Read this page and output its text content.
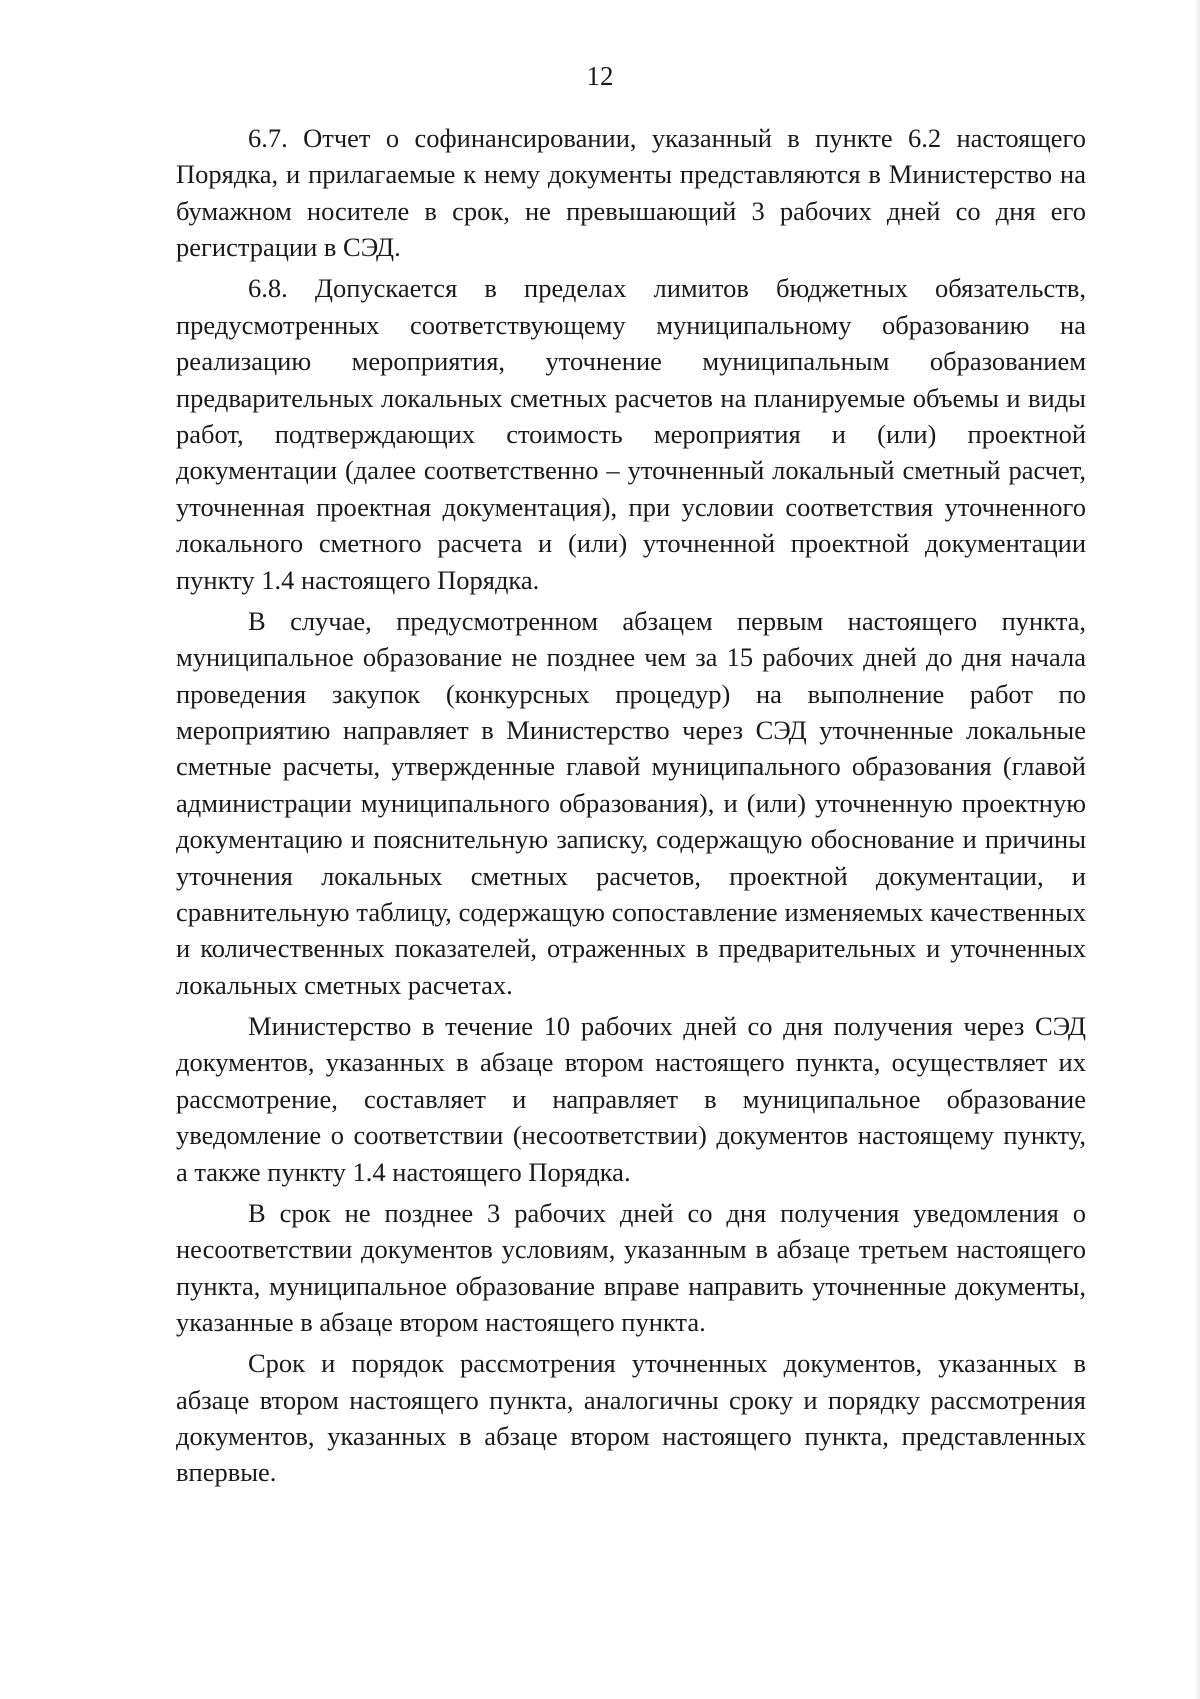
12

6.7. Отчет о софинансировании, указанный в пункте 6.2 настоящего Порядка, и прилагаемые к нему документы представляются в Министерство на бумажном носителе в срок, не превышающий 3 рабочих дней со дня его регистрации в СЭД.

6.8. Допускается в пределах лимитов бюджетных обязательств, предусмотренных соответствующему муниципальному образованию на реализацию мероприятия, уточнение муниципальным образованием предварительных локальных сметных расчетов на планируемые объемы и виды работ, подтверждающих стоимость мероприятия и (или) проектной документации (далее соответственно – уточненный локальный сметный расчет, уточненная проектная документация), при условии соответствия уточненного локального сметного расчета и (или) уточненной проектной документации пункту 1.4 настоящего Порядка.

В случае, предусмотренном абзацем первым настоящего пункта, муниципальное образование не позднее чем за 15 рабочих дней до дня начала проведения закупок (конкурсных процедур) на выполнение работ по мероприятию направляет в Министерство через СЭД уточненные локальные сметные расчеты, утвержденные главой муниципального образования (главой администрации муниципального образования), и (или) уточненную проектную документацию и пояснительную записку, содержащую обоснование и причины уточнения локальных сметных расчетов, проектной документации, и сравнительную таблицу, содержащую сопоставление изменяемых качественных и количественных показателей, отраженных в предварительных и уточненных локальных сметных расчетах.

Министерство в течение 10 рабочих дней со дня получения через СЭД документов, указанных в абзаце втором настоящего пункта, осуществляет их рассмотрение, составляет и направляет в муниципальное образование уведомление о соответствии (несоответствии) документов настоящему пункту, а также пункту 1.4 настоящего Порядка.

В срок не позднее 3 рабочих дней со дня получения уведомления о несоответствии документов условиям, указанным в абзаце третьем настоящего пункта, муниципальное образование вправе направить уточненные документы, указанные в абзаце втором настоящего пункта.

Срок и порядок рассмотрения уточненных документов, указанных в абзаце втором настоящего пункта, аналогичны сроку и порядку рассмотрения документов, указанных в абзаце втором настоящего пункта, представленных впервые.
